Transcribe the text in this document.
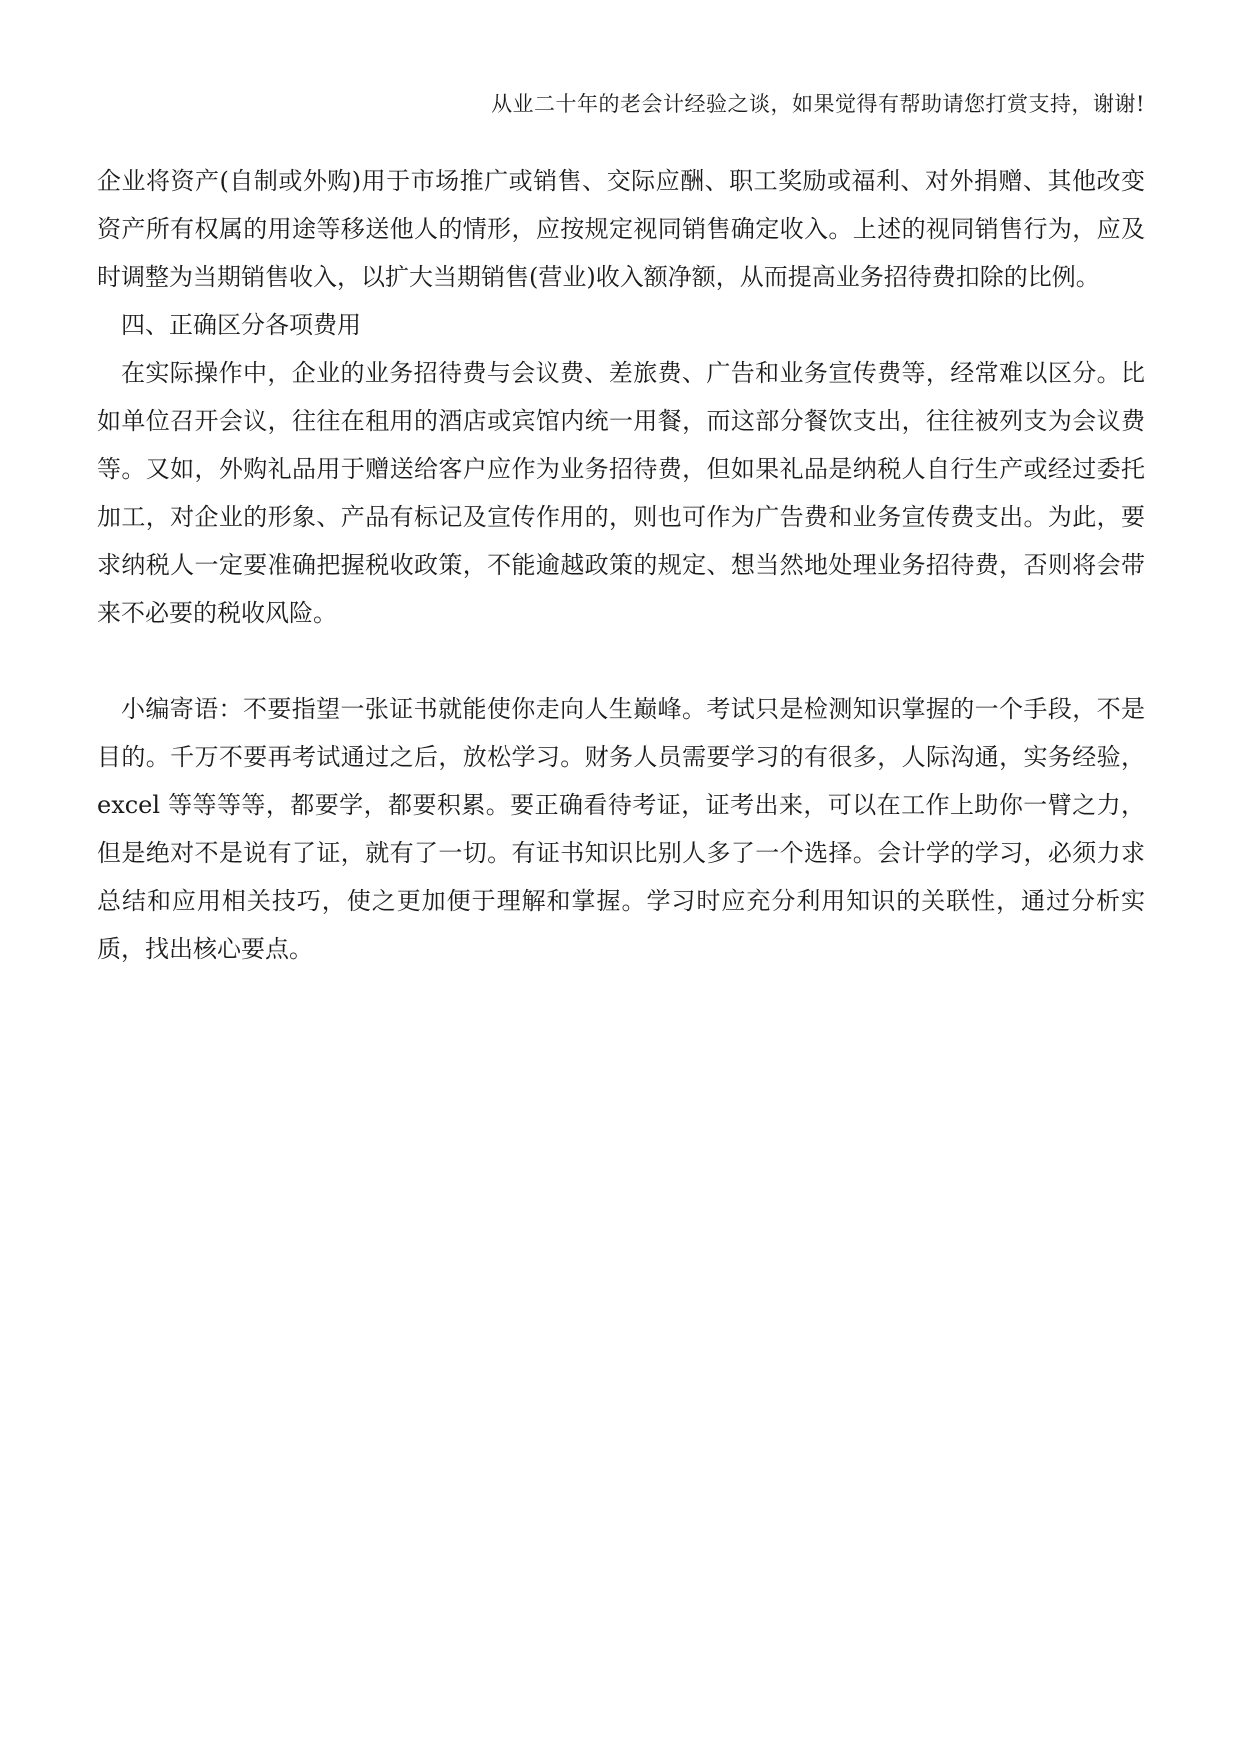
从业二十年的老会计经验之谈，如果觉得有帮助请您打赏支持，谢谢!

企业将资产(自制或外购)用于市场推广或销售、交际应酬、职工奖励或福利、对外捐赠、其他改变资产所有权属的用途等移送他人的情形，应按规定视同销售确定收入。上述的视同销售行为，应及时调整为当期销售收入，以扩大当期销售(营业)收入额净额，从而提高业务招待费扣除的比例。

四、正确区分各项费用

在实际操作中，企业的业务招待费与会议费、差旅费、广告和业务宣传费等，经常难以区分。比如单位召开会议，往往在租用的酒店或宾馆内统一用餐，而这部分餐饮支出，往往被列支为会议费等。又如，外购礼品用于赠送给客户应作为业务招待费，但如果礼品是纳税人自行生产或经过委托加工，对企业的形象、产品有标记及宣传作用的，则也可作为广告费和业务宣传费支出。为此，要求纳税人一定要准确把握税收政策，不能逾越政策的规定、想当然地处理业务招待费，否则将会带来不必要的税收风险。

小编寄语：不要指望一张证书就能使你走向人生巅峰。考试只是检测知识掌握的一个手段，不是目的。千万不要再考试通过之后，放松学习。财务人员需要学习的有很多，人际沟通，实务经验，excel 等等等等，都要学，都要积累。要正确看待考证，证考出来，可以在工作上助你一臂之力，但是绝对不是说有了证，就有了一切。有证书知识比别人多了一个选择。会计学的学习，必须力求总结和应用相关技巧，使之更加便于理解和掌握。学习时应充分利用知识的关联性，通过分析实质，找出核心要点。
